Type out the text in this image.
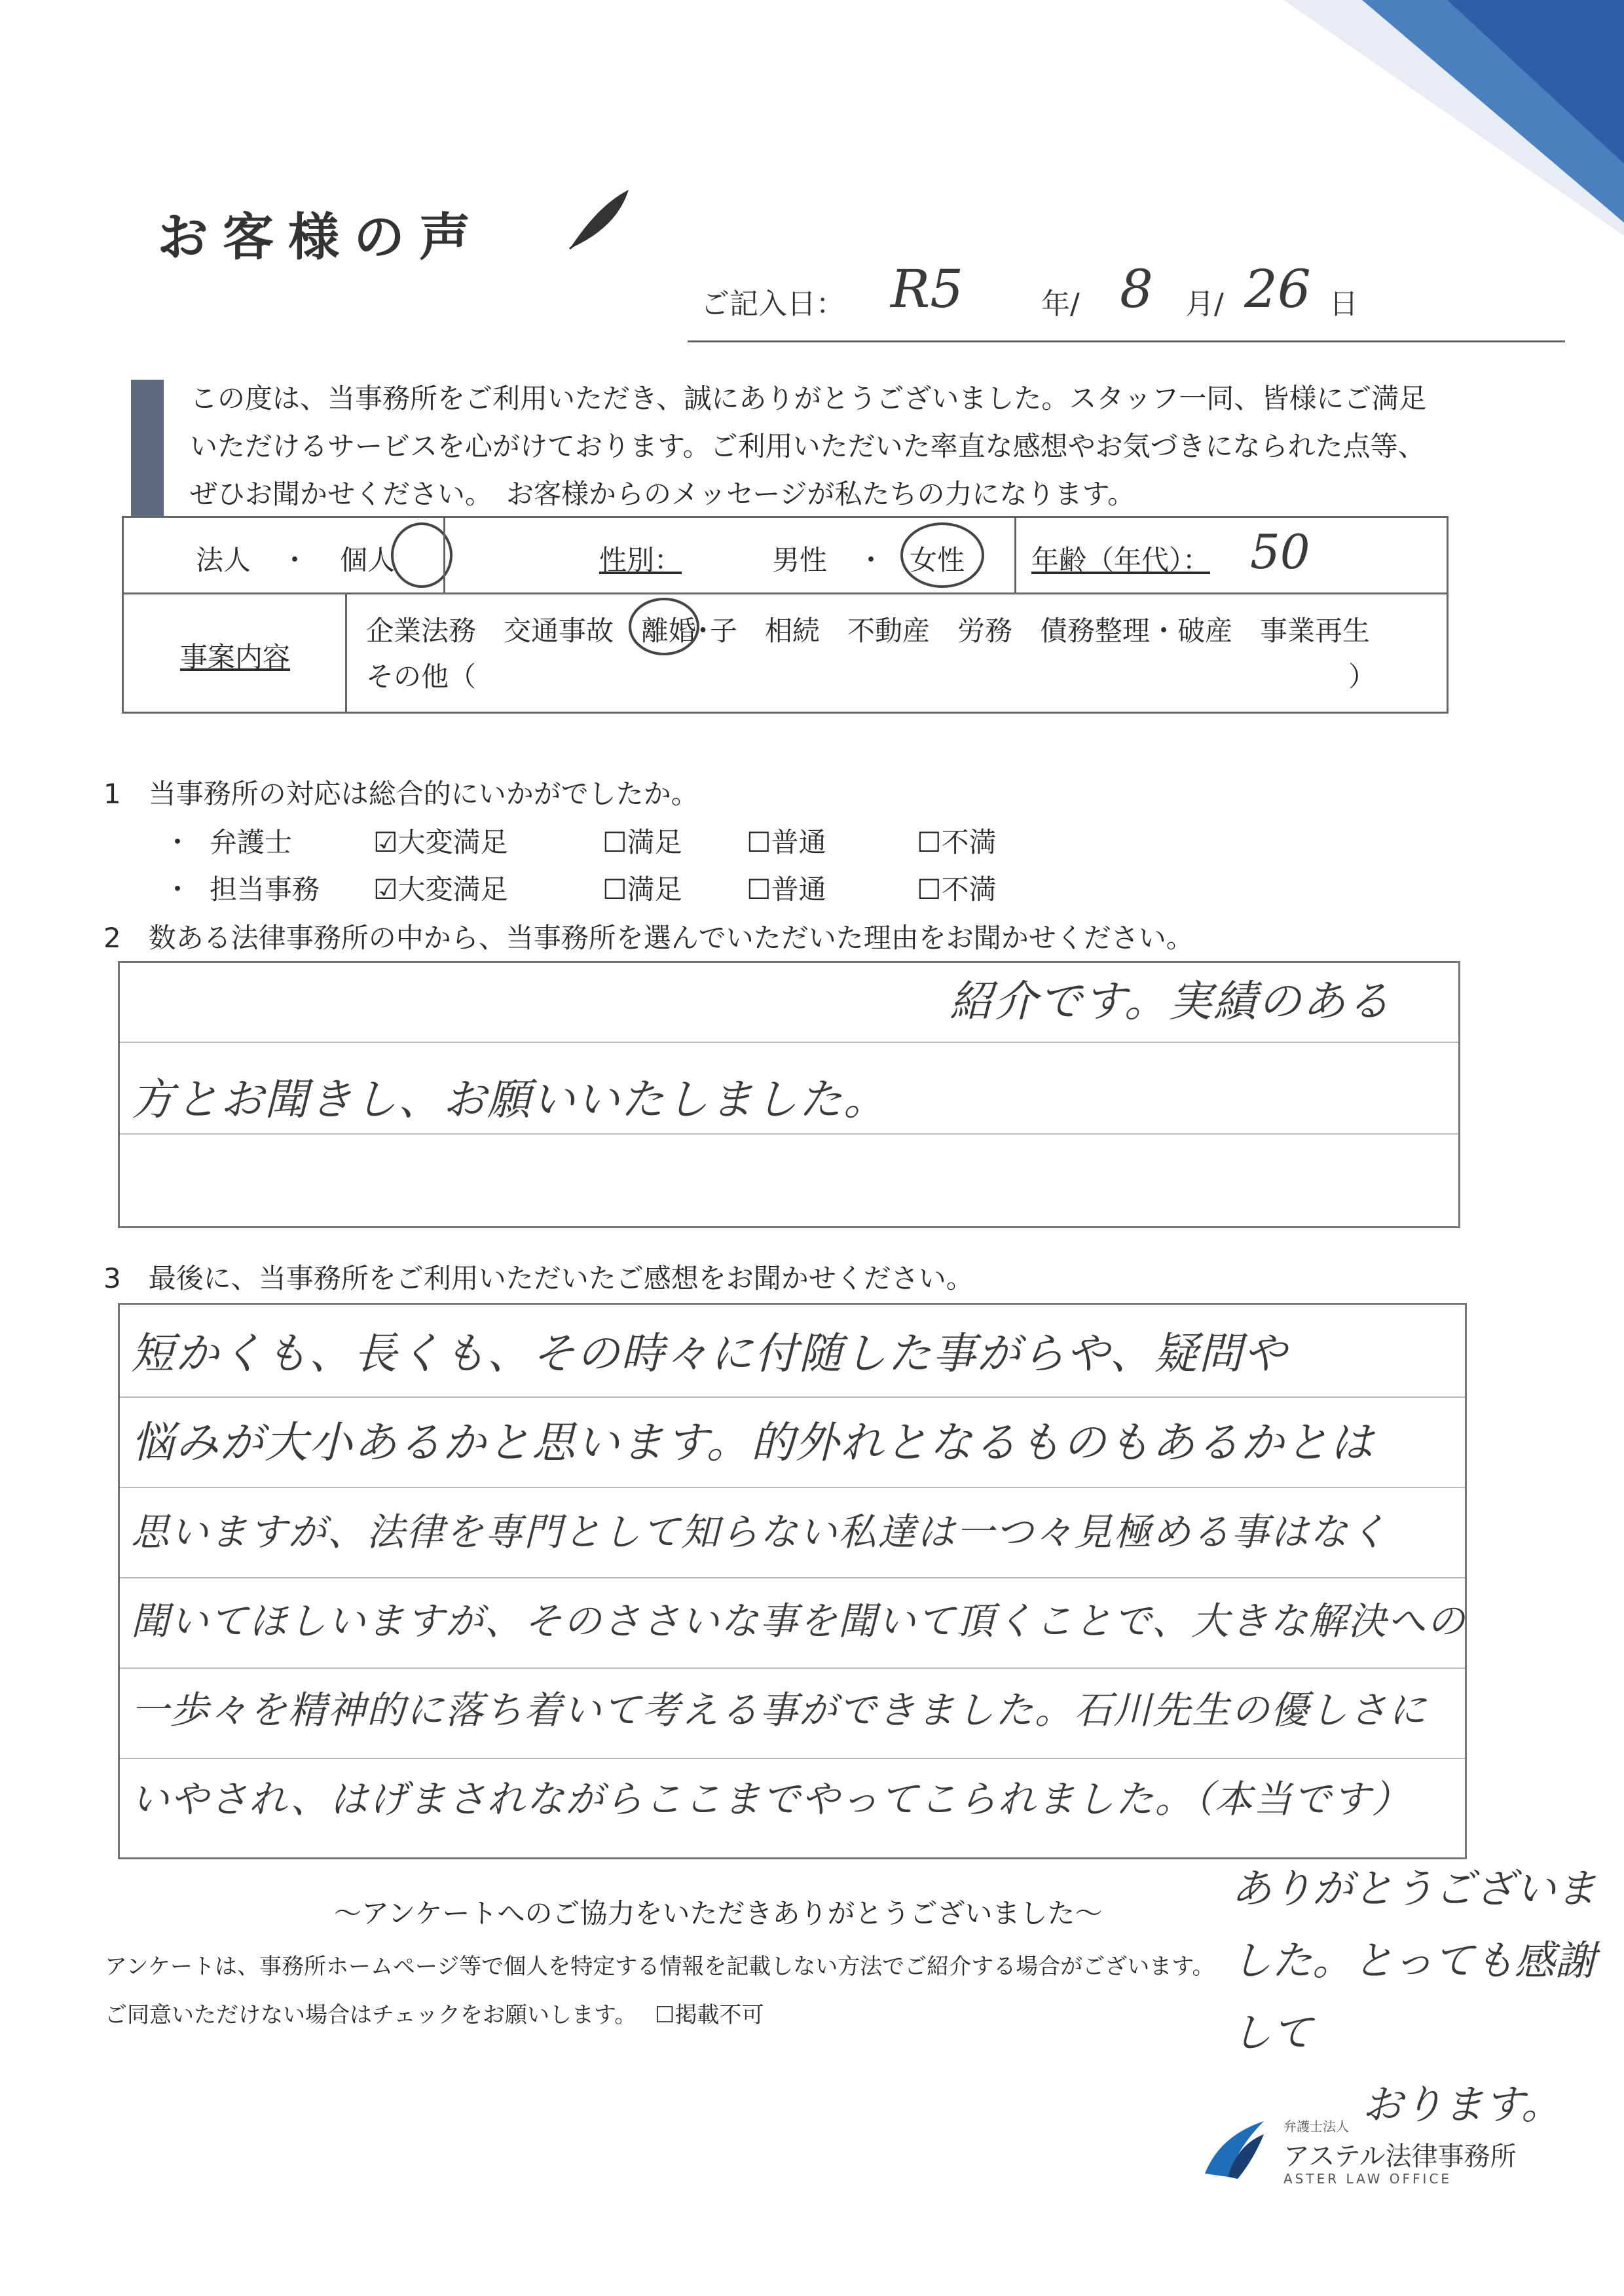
お客様の声
ご記入日： R5	年/ 8 月/ 26 日
この度は、当事務所をご利用いただき、誠にありがとうございました。スタッフ一同、皆様にご満足
いただけるサービスを心がけております。ご利用いただいた率直な感想やお気づきになられた点等、
ぜひお聞かせください。　お客様からのメッセージが私たちの力になります。
法人 ・ 個人	性別：	男性 ・ 女性 年齢（年代）： 50
事案内容
企業法務　交通事故　離婚･子　相続　不動産　労務　債務整理・破産　事業再生
その他（	）
1　当事務所の対応は総合的にいかがでしたか。
・ 弁護士	☑大変満足	☐満足 ☐普通	☐不満
・ 担当事務 ☑大変満足	☐満足 ☐普通	☐不満
2　数ある法律事務所の中から、当事務所を選んでいただいた理由をお聞かせください。
紹介です。実績のある
方とお聞きし、お願いいたしました。
3　最後に、当事務所をご利用いただいたご感想をお聞かせください。
短かくも、長くも、その時々に付随した事がらや、疑問や
悩みが大小あるかと思います。的外れとなるものもあるかとは
思いますが、法律を専門として知らない私達は一つ々見極める事はなく
聞いてほしいますが、そのささいな事を聞いて頂くことで、大きな解決への
一歩々を精神的に落ち着いて考える事ができました。石川先生の優しさに
いやされ、はげまされながらここまでやってこられました。（本当です）
ありがとうございま
した。とっても感謝して
おります。
～アンケートへのご協力をいただきありがとうございました～
アンケートは、事務所ホームページ等で個人を特定する情報を記載しない方法でご紹介する場合がございます。
ご同意いただけない場合はチェックをお願いします。 ☐掲載不可
弁護士法人
アステル法律事務所
ASTER LAW OFFICE
